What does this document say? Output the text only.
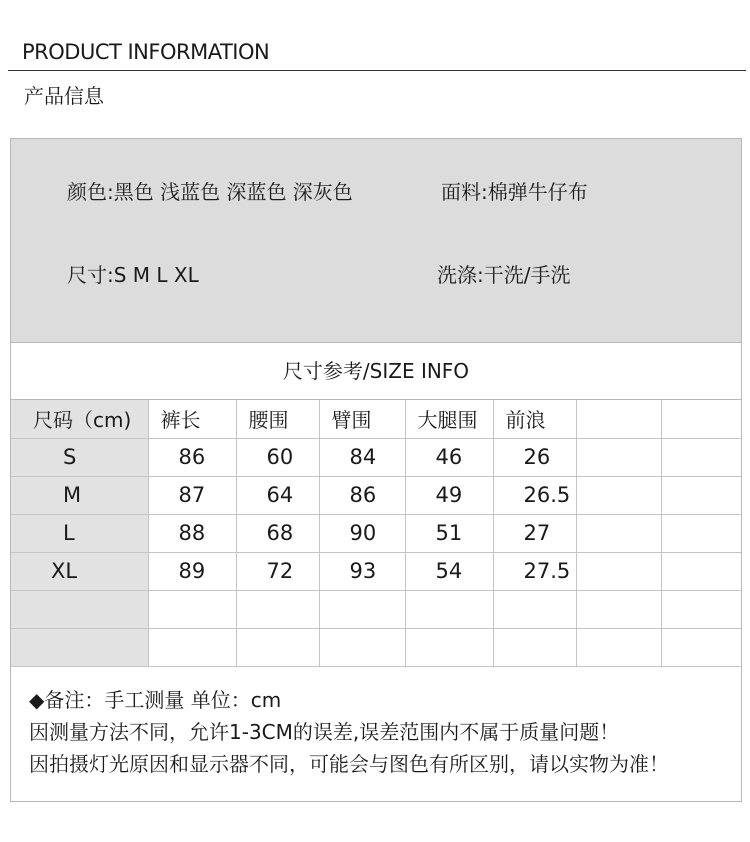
PRODUCT INFORMATION
产品信息
颜色:黑色 浅蓝色 深蓝色 深灰色	面料:棉弹牛仔布
尺寸:S M L XL	洗涤:干洗/手洗
尺寸参考/SIZE INFO
尺码（cm)	裤长	腰围	臂围	大腿围	前浪		
S	86	60	84	46	26		
M	87	64	86	49	26.5		
L	88	68	90	51	27		
XL	89	72	93	54	27.5		

◆备注：手工测量 单位：cm
因测量方法不同，允许1-3CM的误差,误差范围内不属于质量问题！
因拍摄灯光原因和显示器不同，可能会与图色有所区别，请以实物为准！
